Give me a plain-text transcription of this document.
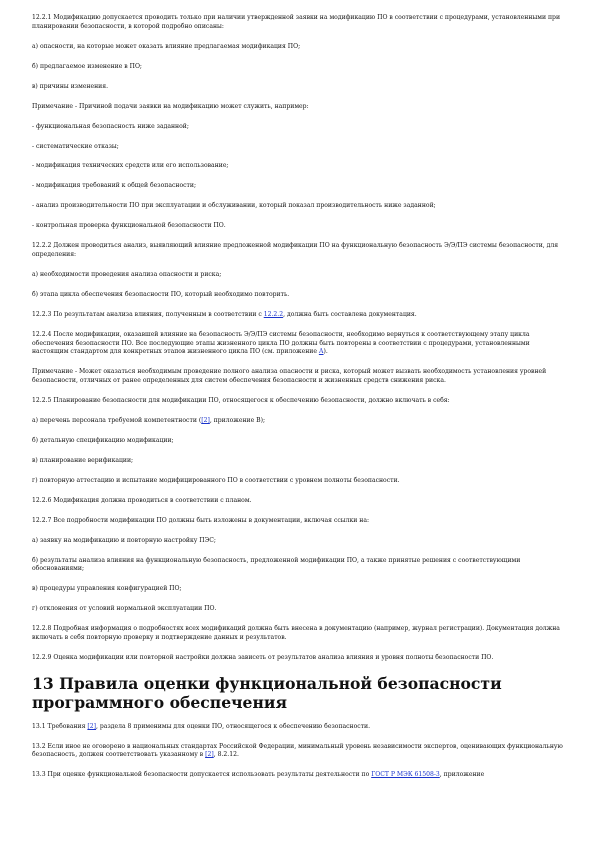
12.2.1 Модификацию допускается проводить только при наличии утвержденной заявки на модификацию ПО в соответствии с процедурами, установленными при планировании безопасности, в которой подробно описаны:

а) опасности, на которые может оказать влияние предлагаемая модификация ПО;

б) предлагаемое изменение в ПО;

в) причины изменения.

Примечание - Причиной подачи заявки на модификацию может служить, например:

- функциональная безопасность ниже заданной;

- систематические отказы;

- модификация технических средств или его использование;

- модификация требований к общей безопасности;

- анализ производительности ПО при эксплуатации и обслуживании, который показал производительность ниже заданной;

- контрольная проверка функциональной безопасности ПО.

12.2.2 Должен проводиться анализ, выявляющий влияние предложенной модификации ПО на функциональную безопасность Э/Э/ПЭ системы безопасности, для определения:

а) необходимости проведения анализа опасности и риска;

б) этапа цикла обеспечения безопасности ПО, который необходимо повторить.

12.2.3 По результатам анализа влияния, полученным в соответствии с 12.2.2, должна быть составлена документация.

12.2.4 После модификации, оказавшей влияние на безопасность Э/Э/ПЭ системы безопасности, необходимо вернуться к соответствующему этапу цикла обеспечения безопасности ПО. Все последующие этапы жизненного цикла ПО должны быть повторены в соответствии с процедурами, установленными настоящим стандартом для конкретных этапов жизненного цикла ПО (см. приложение А).

Примечание - Может оказаться необходимым проведение полного анализа опасности и риска, который может вызвать необходимость установления уровней безопасности, отличных от ранее определенных для систем обеспечения безопасности и жизненных средств снижения риска.

12.2.5 Планирование безопасности для модификации ПО, относящегося к обеспечению безопасности, должно включать в себя:

а) перечень персонала требуемой компетентности ([2], приложение В);

б) детальную спецификацию модификации;

в) планирование верификации;

г) повторную аттестацию и испытание модифицированного ПО в соответствии с уровнем полноты безопасности.

12.2.6 Модификация должна проводиться в соответствии с планом.

12.2.7 Все подробности модификации ПО должны быть изложены в документации, включая ссылки на:

а) заявку на модификацию и повторную настройку ПЭС;

б) результаты анализа влияния на функциональную безопасность, предложенной модификации ПО, а также принятые решения с соответствующими обоснованиями;

в) процедуры управления конфигурацией ПО;

г) отклонения от условий нормальной эксплуатации ПО.

12.2.8 Подробная информация о подробностях всех модификаций должна быть внесена в документацию (например, журнал регистрации). Документация должна включать в себя повторную проверку и подтверждение данных и результатов.

12.2.9 Оценка модификации или повторной настройки должна зависеть от результатов анализа влияния и уровня полноты безопасности ПО.

13 Правила оценки функциональной безопасности программного обеспечения

13.1 Требования [2], раздела 8 применимы для оценки ПО, относящегося к обеспечению безопасности.

13.2 Если иное не оговорено в национальных стандартах Российской Федерации, минимальный уровень независимости экспертов, оценивающих функциональную безопасность, должен соответствовать указанному в [2], 8.2.12.

13.3 При оценке функциональной безопасности допускается использовать результаты деятельности по ГОСТ Р МЭК 61508-3, приложение
